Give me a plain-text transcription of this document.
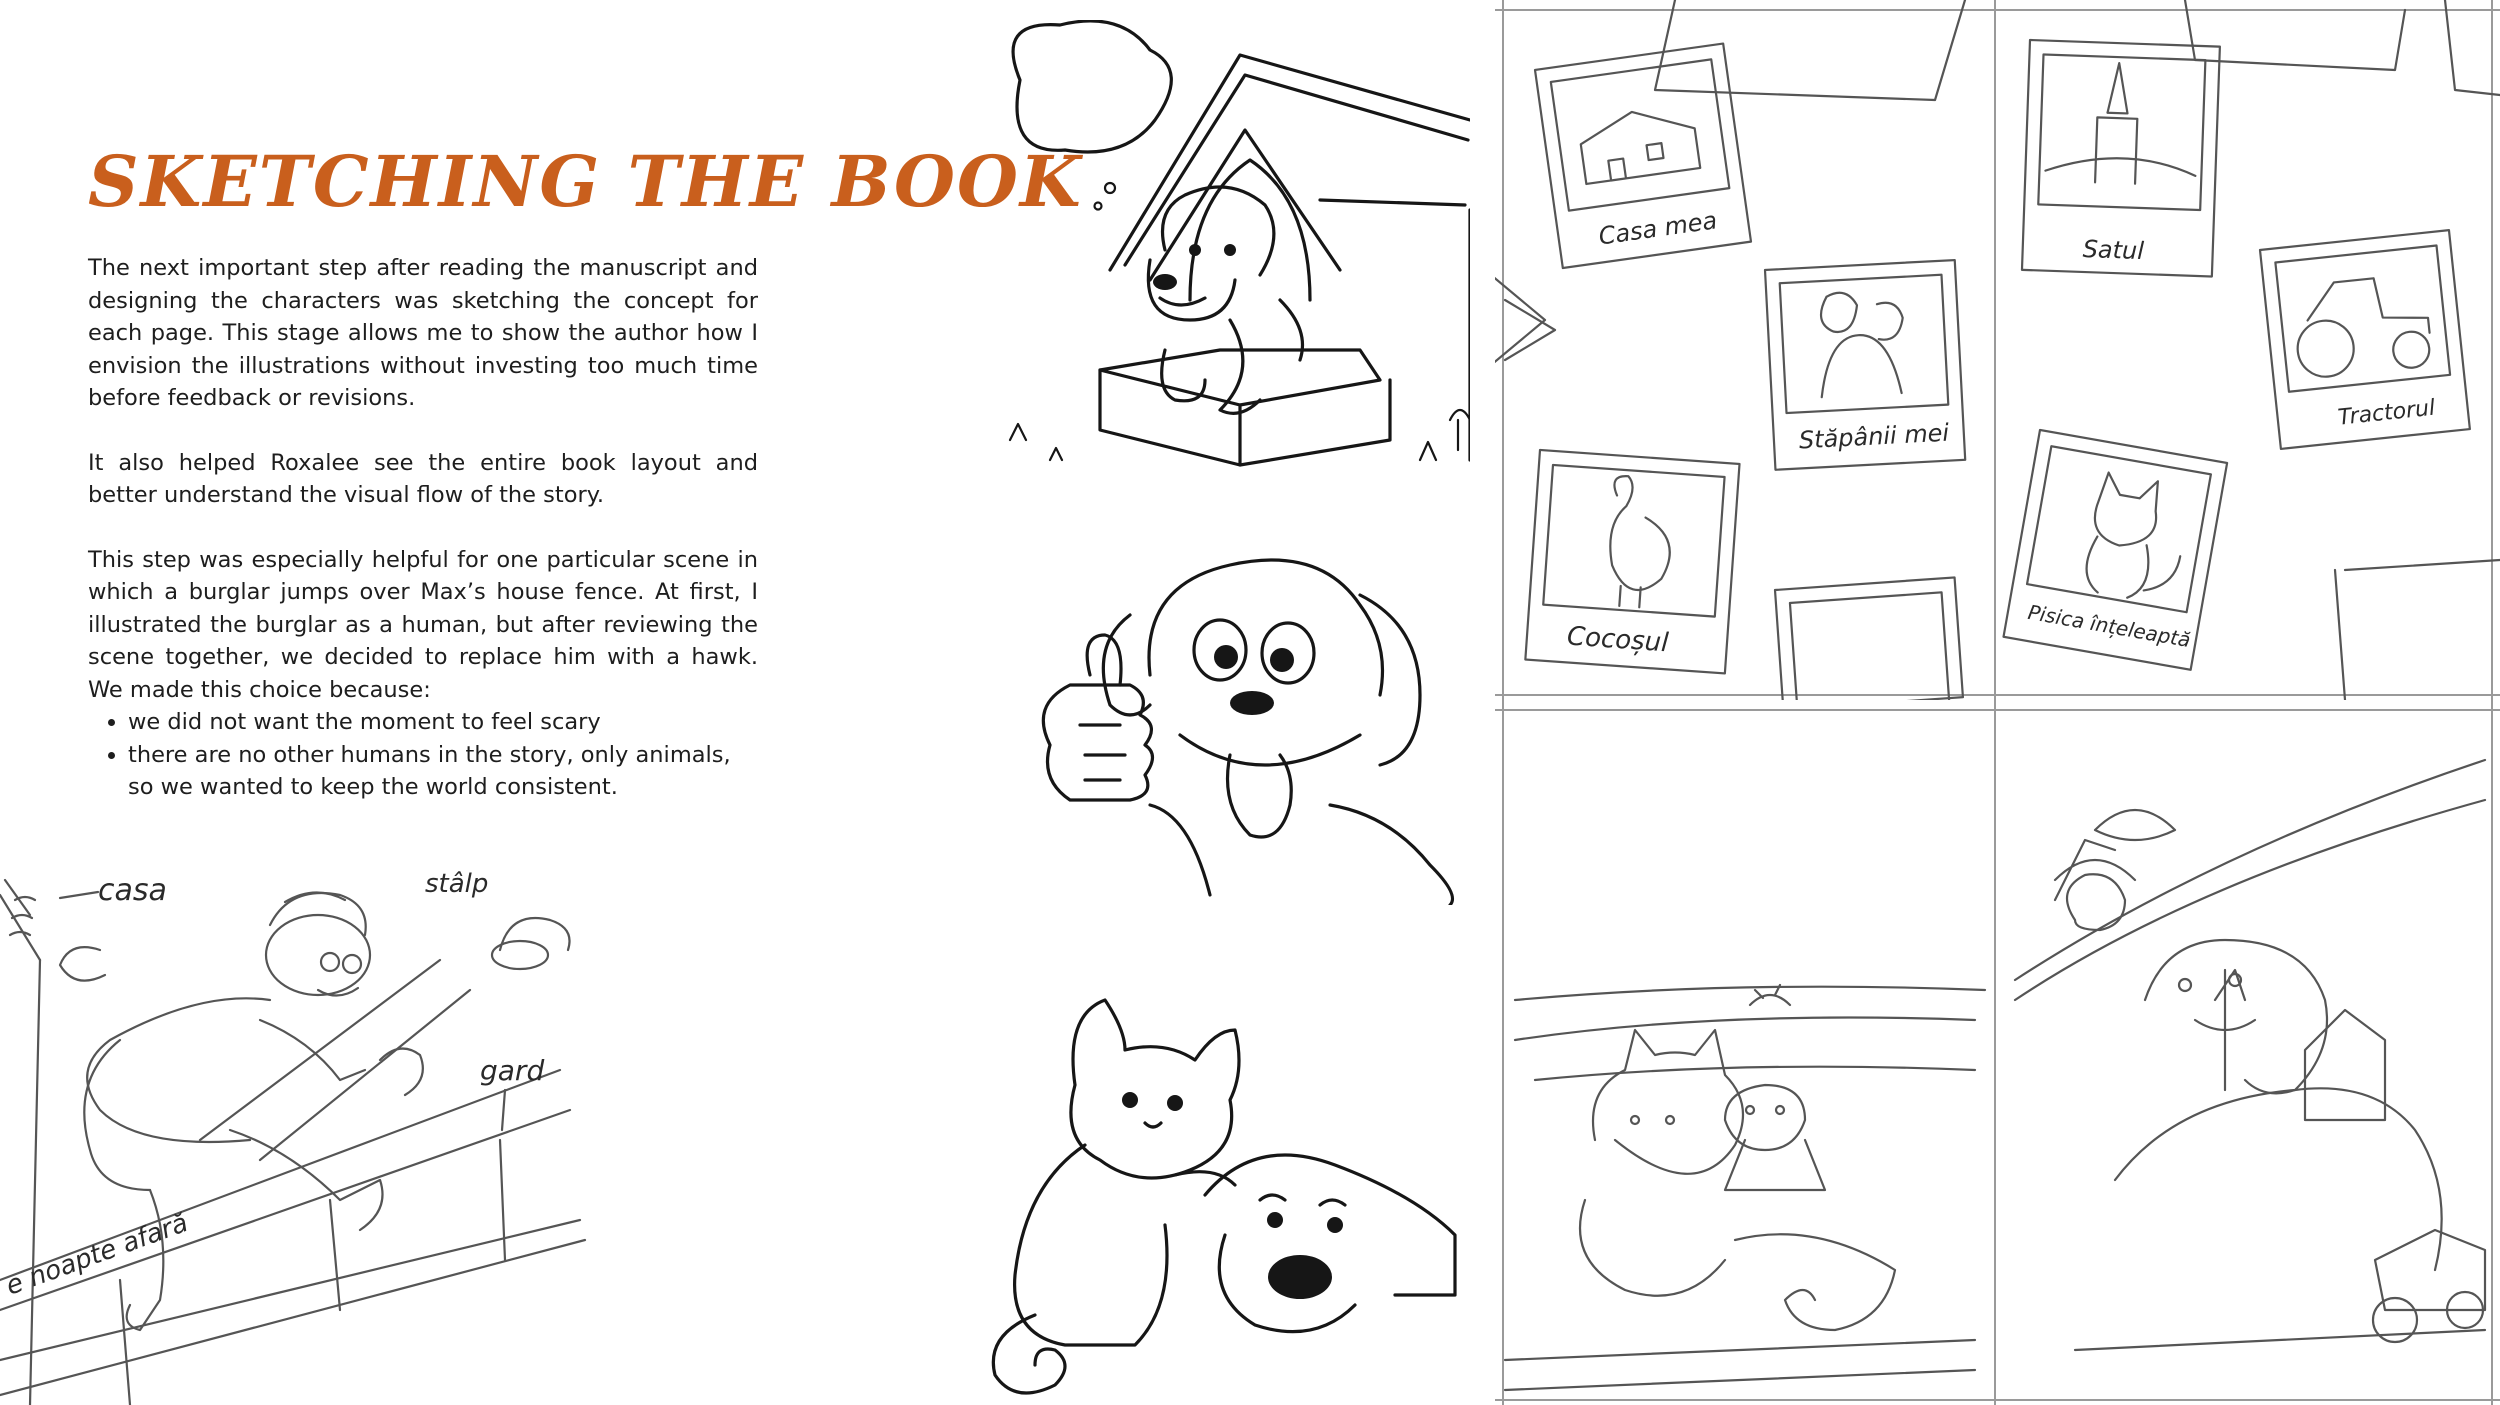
SKETCHING THE BOOK

The next important step after reading the manuscript and designing the characters was sketching the concept for each page. This stage allows me to show the author how I envision the illustrations without investing too much time before feedback or revisions.

It also helped Roxalee see the entire book layout and better understand the visual flow of the story.

This step was especially helpful for one particular scene in which a burglar jumps over Max’s house fence. At first, I illustrated the burglar as a human, but after reviewing the scene together, we decided to replace him with a hawk. We made this choice because:

• we did not want the moment to feel scary
• there are no other humans in the story, only animals, so we wanted to keep the world consistent.
casa	stâlp
gard
e noapte afară
Casa mea	Satul
Stăpânii mei
Tractorul
Cocoșul	Pisica înțeleaptă
